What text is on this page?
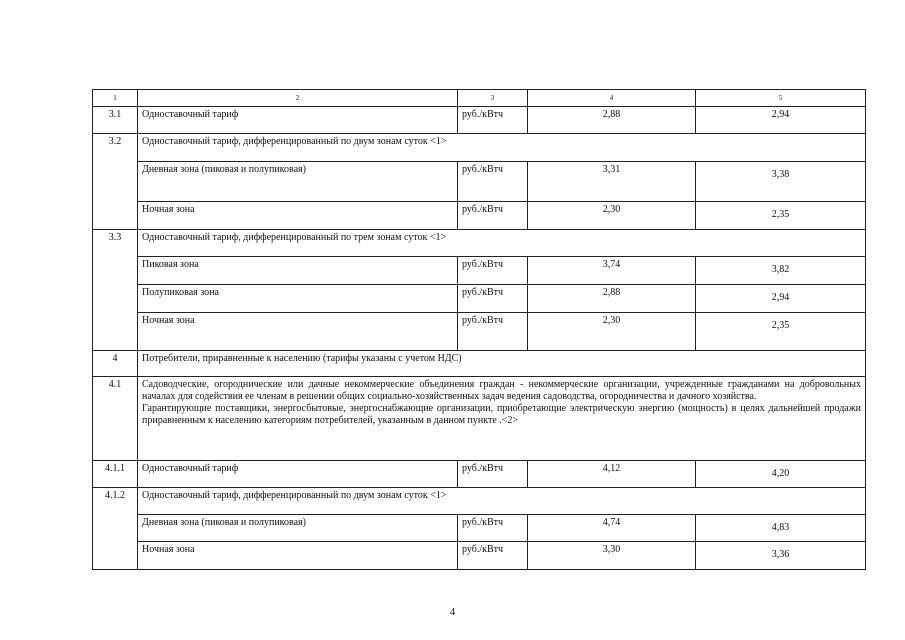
1	2	3	4	5
3.1	Одноставочный тариф	руб./кВтч	2,88	2,94
3.2	Одноставочный тариф, дифференцированный по двум зонам суток <1>			
	Дневная зона (пиковая и полупиковая)	руб./кВтч	3,31	3,38
	Ночная зона	руб./кВтч	2,30	2,35
3.3	Одноставочный тариф, дифференцированный по трем зонам суток <1>			
	Пиковая зона	руб./кВтч	3,74	3,82
	Полупиковая зона	руб./кВтч	2,88	2,94
	Ночная зона	руб./кВтч	2,30	2,35
4	Потребители, приравненные к населению (тарифы указаны с учетом НДС)			
4.1	Садоводческие, огороднические или дачные некоммерческие объединения граждан - некоммерческие организации, учрежденные гражданами на добровольных началах для содействия ее членам в решении общих социально-хозяйственных задач ведения садоводства, огородничества и дачного хозяйства.

Гарантирующие поставщики, энергосбытовые, энергоснабжающие организации, приобретающие электрическую энергию (мощность) в целях дальнейшей продажи приравненным к населению категориям потребителей, указанным в данном пункте .<2>			

4.1.1	Одноставочный тариф	руб./кВтч	4,12	4,20
4.1.2	Одноставочный тариф, дифференцированный по двум зонам суток <1>			
	Дневная зона (пиковая и полупиковая)	руб./кВтч	4,74	4,83
	Ночная зона	руб./кВтч	3,30	3,36
4
